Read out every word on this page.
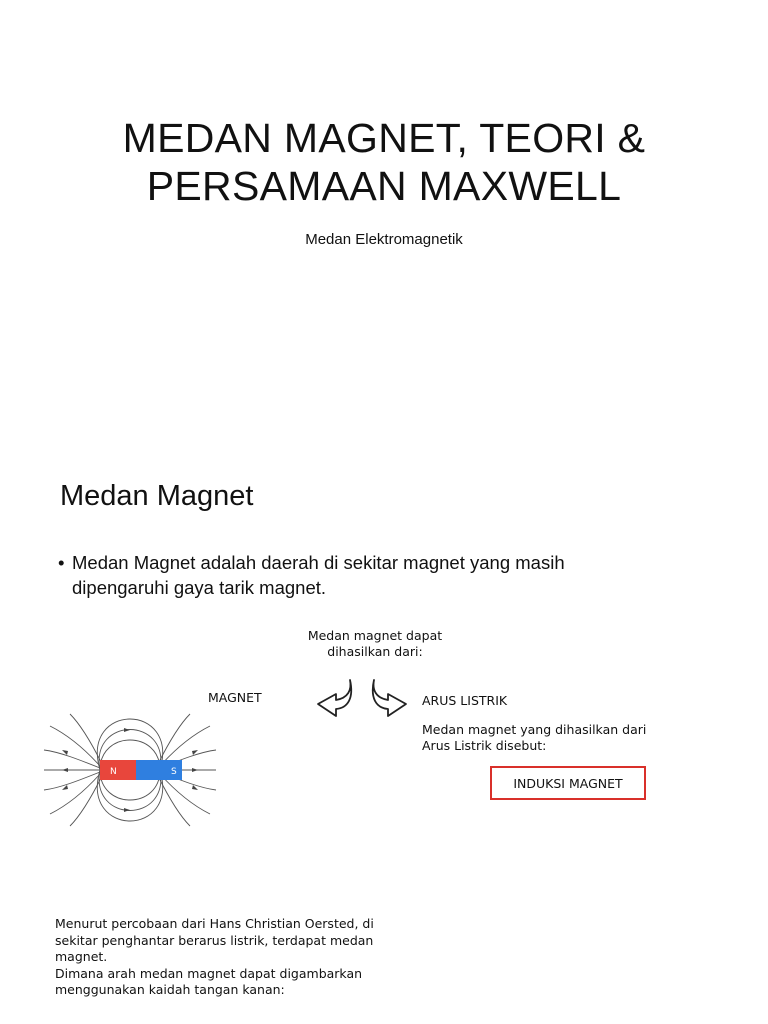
MEDAN MAGNET, TEORI &
PERSAMAAN MAXWELL

Medan Elektromagnetik

Medan Magnet
• Medan Magnet adalah daerah di sekitar magnet yang masih
dipengaruhi gaya tarik magnet.

Medan magnet dapat
dihasilkan dari:

MAGNET	ARUS LISTRIK

Medan magnet yang dihasilkan dari
Arus Listrik disebut:

INDUKSI MAGNET
N	S

Menurut percobaan dari Hans Christian Oersted, di
sekitar penghantar berarus listrik, terdapat medan
magnet.
Dimana arah medan magnet dapat digambarkan
menggunakan kaidah tangan kanan:
